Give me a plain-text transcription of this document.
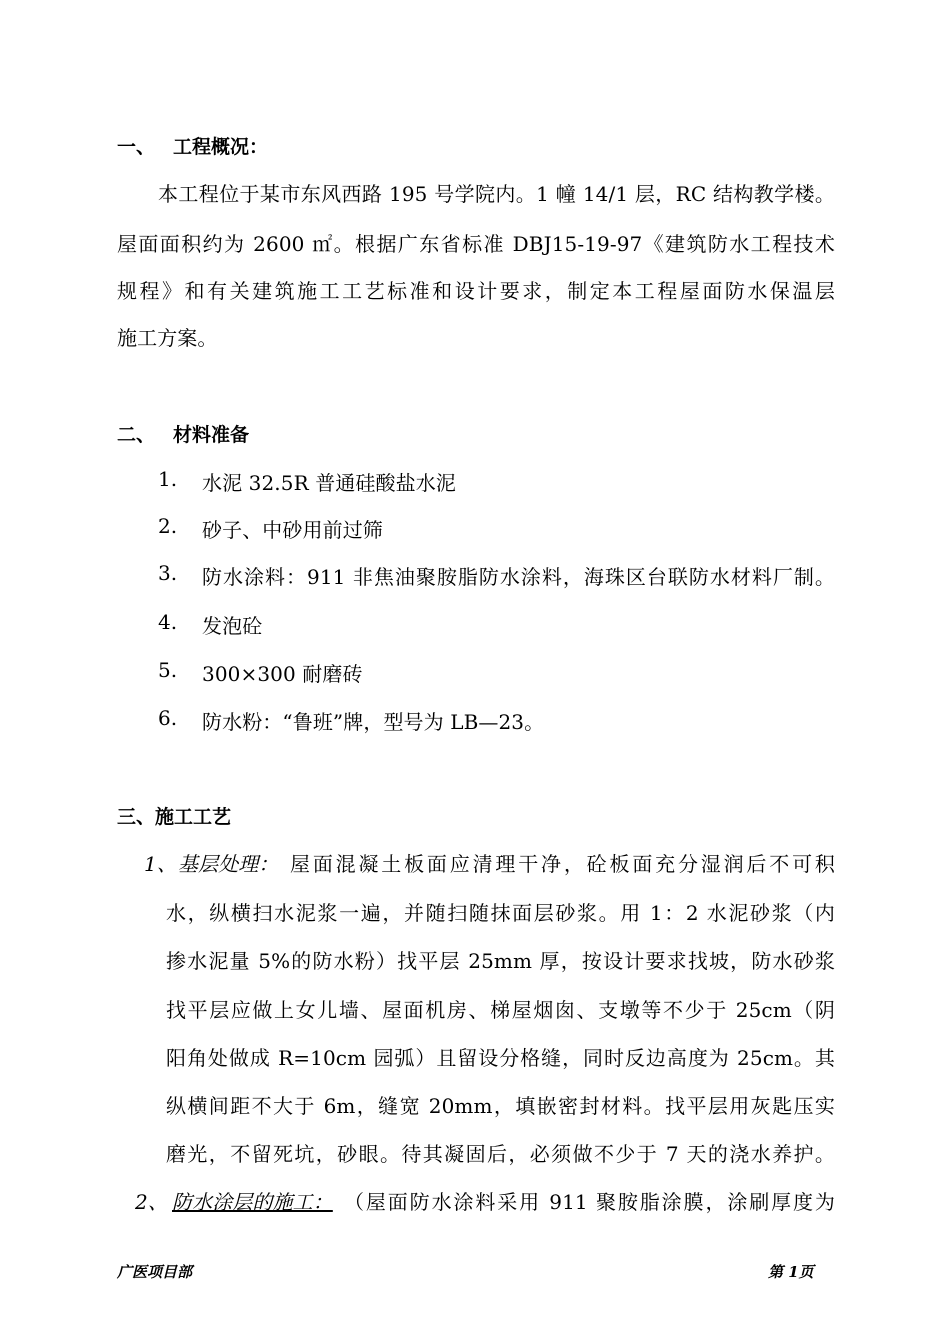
一、 工程概况：
本工程位于某市东风西路 195 号学院内。1 幢 14/1 层，RC 结构教学楼。
屋面面积约为 2600 ㎡。根据广东省标准 DBJ15-19-97《建筑防水工程技术
规程》和有关建筑施工工艺标准和设计要求，制定本工程屋面防水保温层
施工方案。
二、 材料准备
1. 水泥 32.5R 普通硅酸盐水泥
2. 砂子、中砂用前过筛
3. 防水涂料：911 非焦油聚胺脂防水涂料，海珠区台联防水材料厂制。
4. 发泡砼
5. 300×300 耐磨砖
6. 防水粉：“鲁班”牌，型号为 LB—23。
三、施工工艺
1、 基层处理： 屋面混凝土板面应清理干净，砼板面充分湿润后不可积
水，纵横扫水泥浆一遍，并随扫随抹面层砂浆。用 1：2 水泥砂浆（内
掺水泥量 5%的防水粉）找平层 25mm 厚，按设计要求找坡，防水砂浆
找平层应做上女儿墙、屋面机房、梯屋烟囱、支墩等不少于 25cm（阴
阳角处做成 R=10cm 园弧）且留设分格缝，同时反边高度为 25cm。其
纵横间距不大于 6m，缝宽 20mm，填嵌密封材料。找平层用灰匙压实
磨光，不留死坑，砂眼。待其凝固后，必须做不少于 7 天的浇水养护。
2、 防水涂层的施工： （屋面防水涂料采用 911 聚胺脂涂膜，涂刷厚度为
广医项目部	第 1页
